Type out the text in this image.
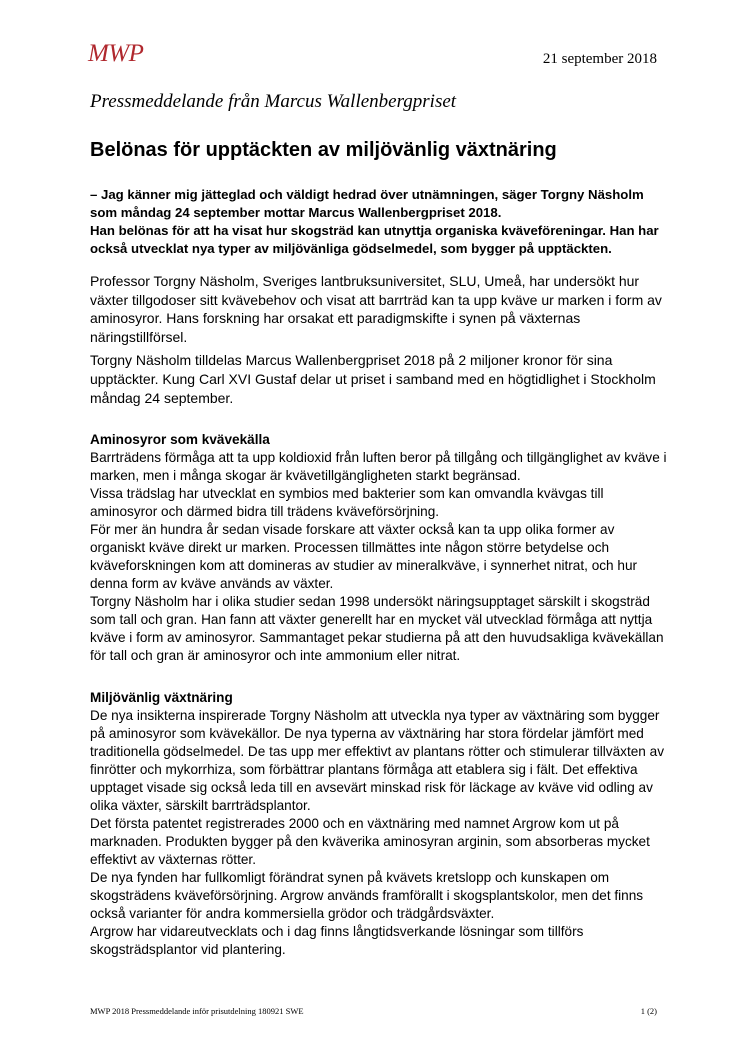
MWP	21 september 2018
Pressmeddelande från Marcus Wallenbergpriset
Belönas för upptäckten av miljövänlig växtnäring

– Jag känner mig jätteglad och väldigt hedrad över utnämningen, säger Torgny Näsholm som måndag 24 september mottar Marcus Wallenbergpriset 2018.

Han belönas för att ha visat hur skogsträd kan utnyttja organiska kväveföreningar. Han har också utvecklat nya typer av miljövänliga gödselmedel, som bygger på upptäckten.

Professor Torgny Näsholm, Sveriges lantbruksuniversitet, SLU, Umeå, har undersökt hur växter tillgodoser sitt kvävebehov och visat att barrträd kan ta upp kväve ur marken i form av aminosyror. Hans forskning har orsakat ett paradigmskifte i synen på växternas näringstillförsel.

Torgny Näsholm tilldelas Marcus Wallenbergpriset 2018 på 2 miljoner kronor för sina upptäckter. Kung Carl XVI Gustaf delar ut priset i samband med en högtidlighet i Stockholm måndag 24 september.

Aminosyror som kvävekälla

Barrträdens förmåga att ta upp koldioxid från luften beror på tillgång och tillgänglighet av kväve i marken, men i många skogar är kvävetillgängligheten starkt begränsad.

Vissa trädslag har utvecklat en symbios med bakterier som kan omvandla kvävgas till aminosyror och därmed bidra till trädens kväveförsörjning.

För mer än hundra år sedan visade forskare att växter också kan ta upp olika former av organiskt kväve direkt ur marken. Processen tillmättes inte någon större betydelse och kväveforskningen kom att domineras av studier av mineralkväve, i synnerhet nitrat, och hur denna form av kväve används av växter.

Torgny Näsholm har i olika studier sedan 1998 undersökt näringsupptaget särskilt i skogsträd som tall och gran. Han fann att växter generellt har en mycket väl utvecklad förmåga att nyttja kväve i form av aminosyror. Sammantaget pekar studierna på att den huvudsakliga kvävekällan för tall och gran är aminosyror och inte ammonium eller nitrat.

Miljövänlig växtnäring

De nya insikterna inspirerade Torgny Näsholm att utveckla nya typer av växtnäring som bygger på aminosyror som kvävekällor. De nya typerna av växtnäring har stora fördelar jämfört med traditionella gödselmedel. De tas upp mer effektivt av plantans rötter och stimulerar tillväxten av finrötter och mykorrhiza, som förbättrar plantans förmåga att etablera sig i fält. Det effektiva upptaget visade sig också leda till en avsevärt minskad risk för läckage av kväve vid odling av olika växter, särskilt barrträdsplantor.

Det första patentet registrerades 2000 och en växtnäring med namnet Argrow kom ut på marknaden. Produkten bygger på den kväverika aminosyran arginin, som absorberas mycket effektivt av växternas rötter.

De nya fynden har fullkomligt förändrat synen på kvävets kretslopp och kunskapen om skogsträdens kväveförsörjning. Argrow används framförallt i skogsplantskolor, men det finns också varianter för andra kommersiella grödor och trädgårdsväxter.

Argrow har vidareutvecklats och i dag finns långtidsverkande lösningar som tillförs skogsträdsplantor vid plantering.

MWP 2018 Pressmeddelande inför prisutdelning 180921 SWE	1 (2)
